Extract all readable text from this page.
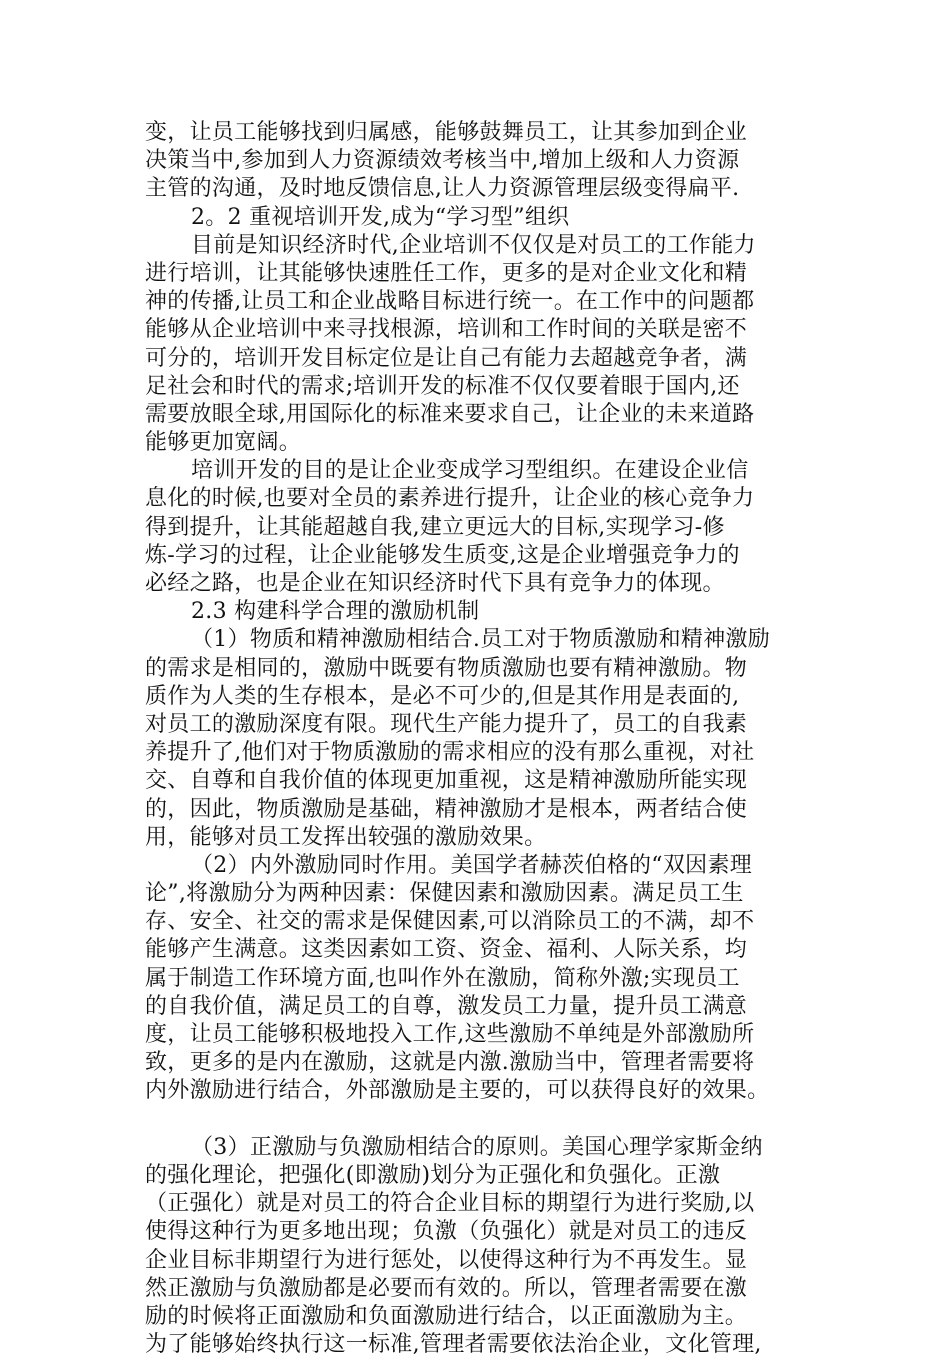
变，让员工能够找到归属感，能够鼓舞员工，让其参加到企业
决策当中,参加到人力资源绩效考核当中,增加上级和人力资源
主管的沟通，及时地反馈信息,让人力资源管理层级变得扁平.
2。2 重视培训开发,成为“学习型”组织
目前是知识经济时代,企业培训不仅仅是对员工的工作能力
进行培训，让其能够快速胜任工作，更多的是对企业文化和精
神的传播,让员工和企业战略目标进行统一。在工作中的问题都
能够从企业培训中来寻找根源，培训和工作时间的关联是密不
可分的，培训开发目标定位是让自己有能力去超越竞争者，满
足社会和时代的需求;培训开发的标准不仅仅要着眼于国内,还
需要放眼全球,用国际化的标准来要求自己，让企业的未来道路
能够更加宽阔。
培训开发的目的是让企业变成学习型组织。在建设企业信
息化的时候,也要对全员的素养进行提升，让企业的核心竞争力
得到提升，让其能超越自我,建立更远大的目标,实现学习-修
炼-学习的过程，让企业能够发生质变,这是企业增强竞争力的
必经之路，也是企业在知识经济时代下具有竞争力的体现。
2.3 构建科学合理的激励机制
（1）物质和精神激励相结合.员工对于物质激励和精神激励
的需求是相同的，激励中既要有物质激励也要有精神激励。物
质作为人类的生存根本，是必不可少的,但是其作用是表面的,
对员工的激励深度有限。现代生产能力提升了，员工的自我素
养提升了,他们对于物质激励的需求相应的没有那么重视，对社
交、自尊和自我价值的体现更加重视，这是精神激励所能实现
的，因此，物质激励是基础，精神激励才是根本，两者结合使
用，能够对员工发挥出较强的激励效果。
（2）内外激励同时作用。美国学者赫茨伯格的“双因素理
论”,将激励分为两种因素：保健因素和激励因素。满足员工生
存、安全、社交的需求是保健因素,可以消除员工的不满，却不
能够产生满意。这类因素如工资、资金、福利、人际关系，均
属于制造工作环境方面,也叫作外在激励，简称外激;实现员工
的自我价值，满足员工的自尊，激发员工力量，提升员工满意
度，让员工能够积极地投入工作,这些激励不单纯是外部激励所
致，更多的是内在激励，这就是内激.激励当中，管理者需要将
内外激励进行结合，外部激励是主要的，可以获得良好的效果。
（3）正激励与负激励相结合的原则。美国心理学家斯金纳
的强化理论，把强化(即激励)划分为正强化和负强化。正激
（正强化）就是对员工的符合企业目标的期望行为进行奖励,以
使得这种行为更多地出现；负激（负强化）就是对员工的违反
企业目标非期望行为进行惩处，以使得这种行为不再发生。显
然正激励与负激励都是必要而有效的。所以，管理者需要在激
励的时候将正面激励和负面激励进行结合，以正面激励为主。
为了能够始终执行这一标准,管理者需要依法治企业，文化管理,
